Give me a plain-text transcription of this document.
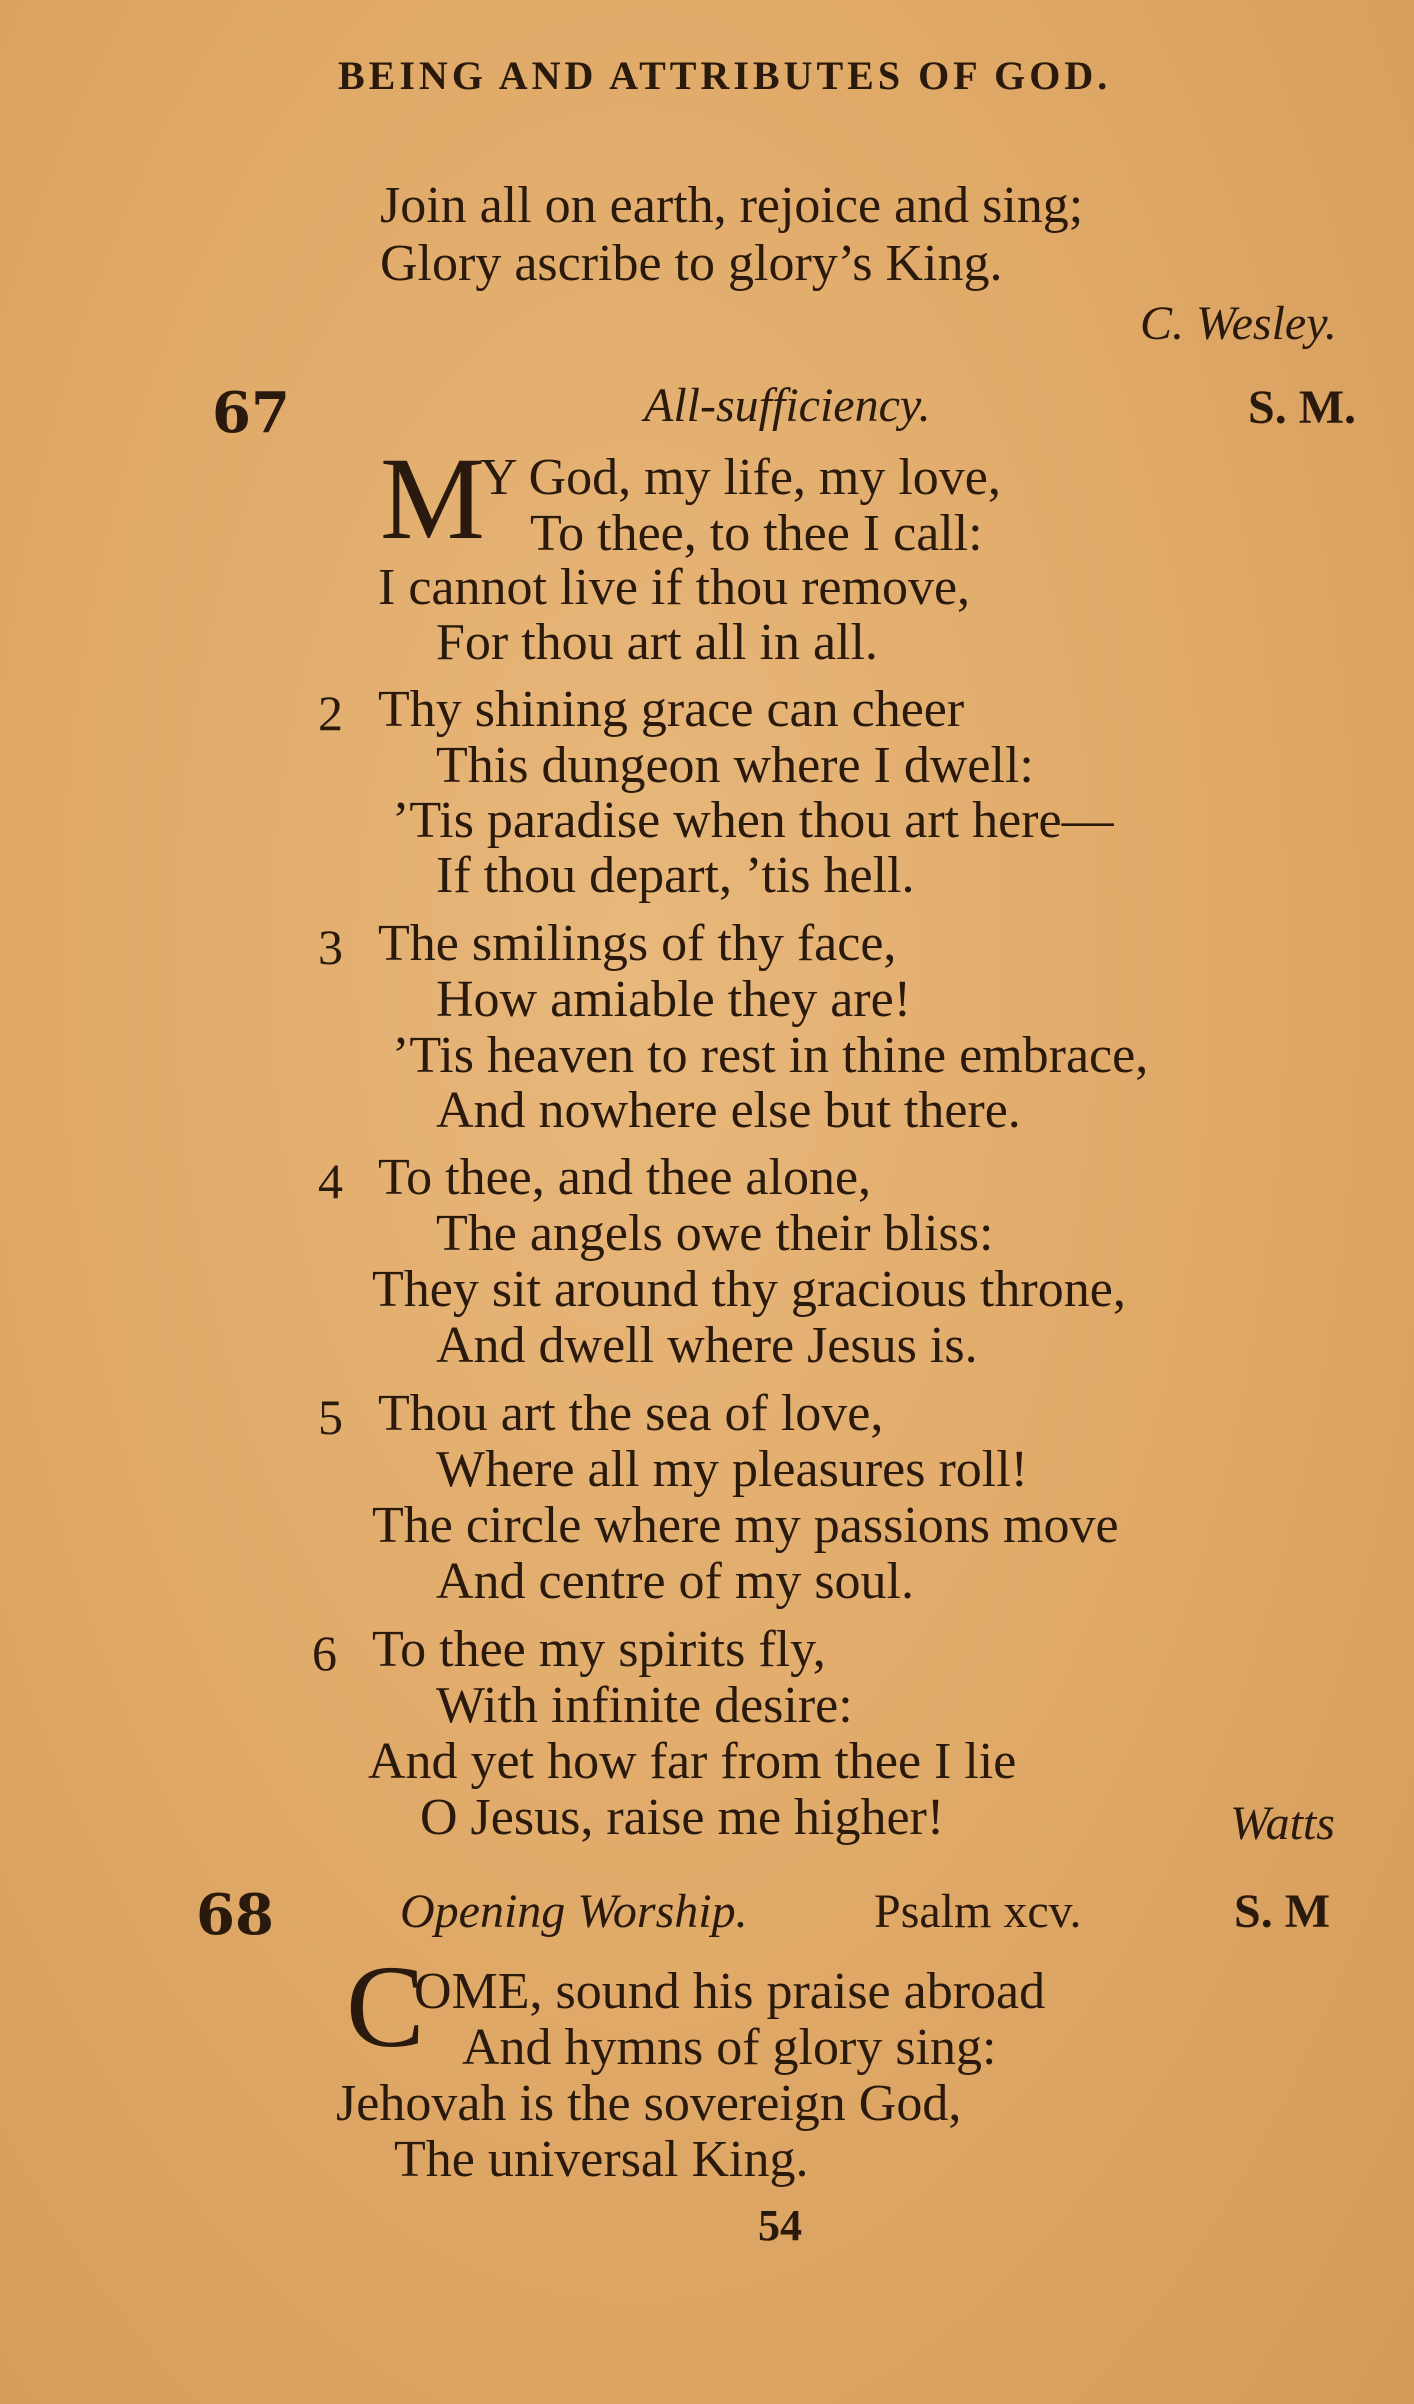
BEING AND ATTRIBUTES OF GOD.
Join all on earth, rejoice and sing;
Glory ascribe to glory’s King.
C. Wesley.
67	All-sufficiency.	S. M.
M
Y God, my life, my love,
To thee, to thee I call:
I cannot live if thou remove,
For thou art all in all.
2 Thy shining grace can cheer
This dungeon where I dwell:
’Tis paradise when thou art here—
If thou depart, ’tis hell.
3 The smilings of thy face,
How amiable they are!
’Tis heaven to rest in thine embrace,
And nowhere else but there.
4 To thee, and thee alone,
The angels owe their bliss:
They sit around thy gracious throne,
And dwell where Jesus is.
5 Thou art the sea of love,
Where all my pleasures roll!
The circle where my passions move
And centre of my soul.
6 To thee my spirits fly,
With infinite desire:
And yet how far from thee I lie
O Jesus, raise me higher!	Watts
68	Opening Worship.	Psalm xcv.	S. M
C
OME, sound his praise abroad
And hymns of glory sing:
Jehovah is the sovereign God,
The universal King.
54
